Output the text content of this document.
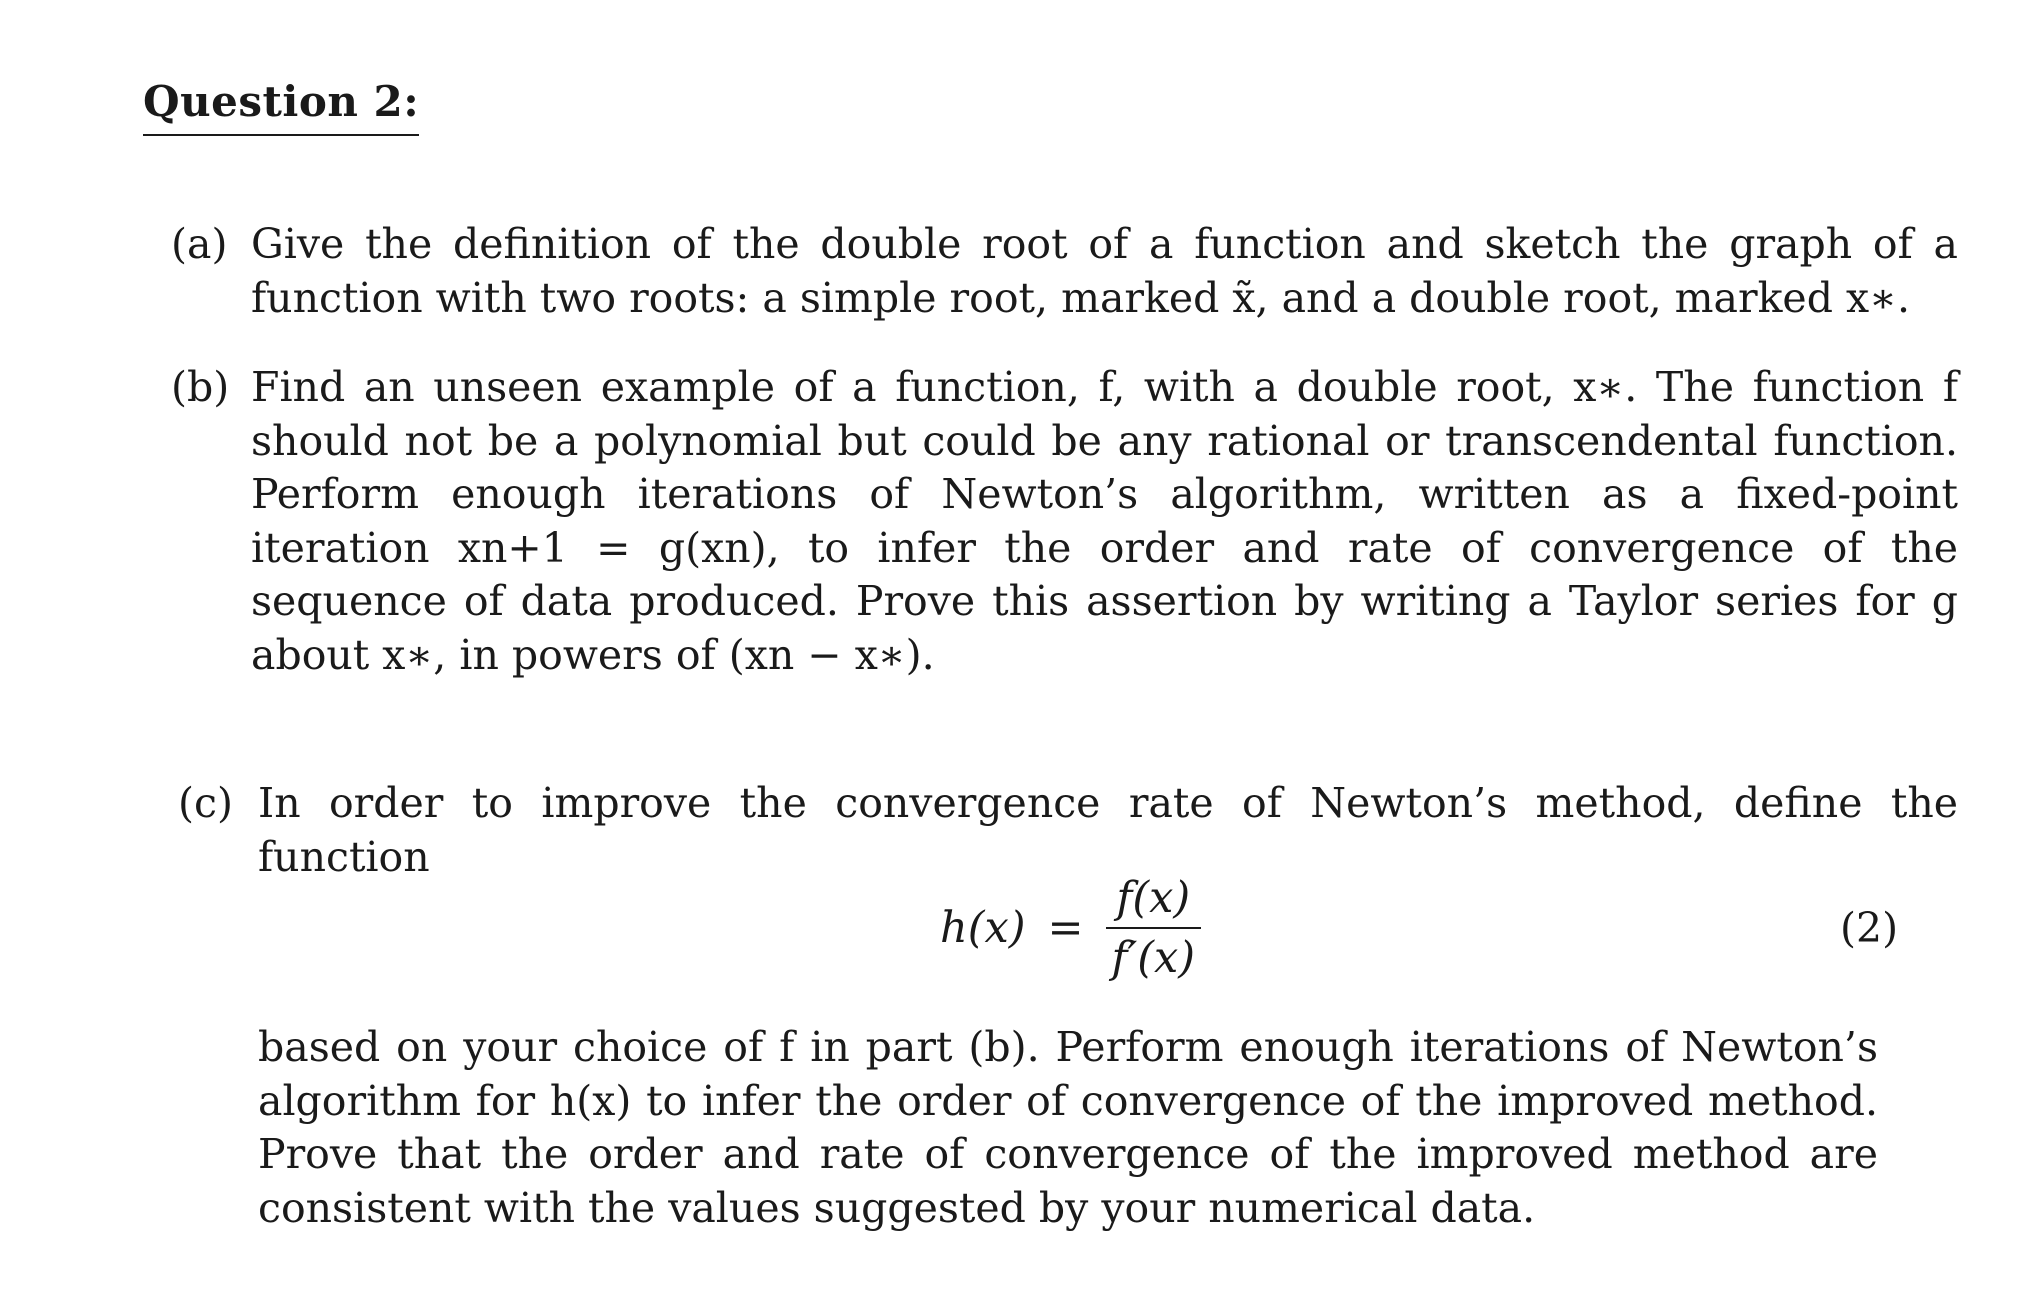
Question 2:
(a) Give the definition of the double root of a function and sketch the graph of a function with two roots: a simple root, marked x̃, and a double root, marked x∗.
(b) Find an unseen example of a function, f, with a double root, x∗. The function f should not be a polynomial but could be any rational or transcendental function. Perform enough iterations of Newton’s algorithm, written as a fixed-point iteration xn+1 = g(xn), to infer the order and rate of convergence of the sequence of data produced. Prove this assertion by writing a Taylor series for g about x∗, in powers of (xn − x∗).
(c) In order to improve the convergence rate of Newton’s method, define the function
$h(x) = \frac{f(x)}{f'(x)}$	(2)
based on your choice of f in part (b). Perform enough iterations of Newton’s algorithm for h(x) to infer the order of convergence of the improved method. Prove that the order and rate of convergence of the improved method are consistent with the values suggested by your numerical data.
